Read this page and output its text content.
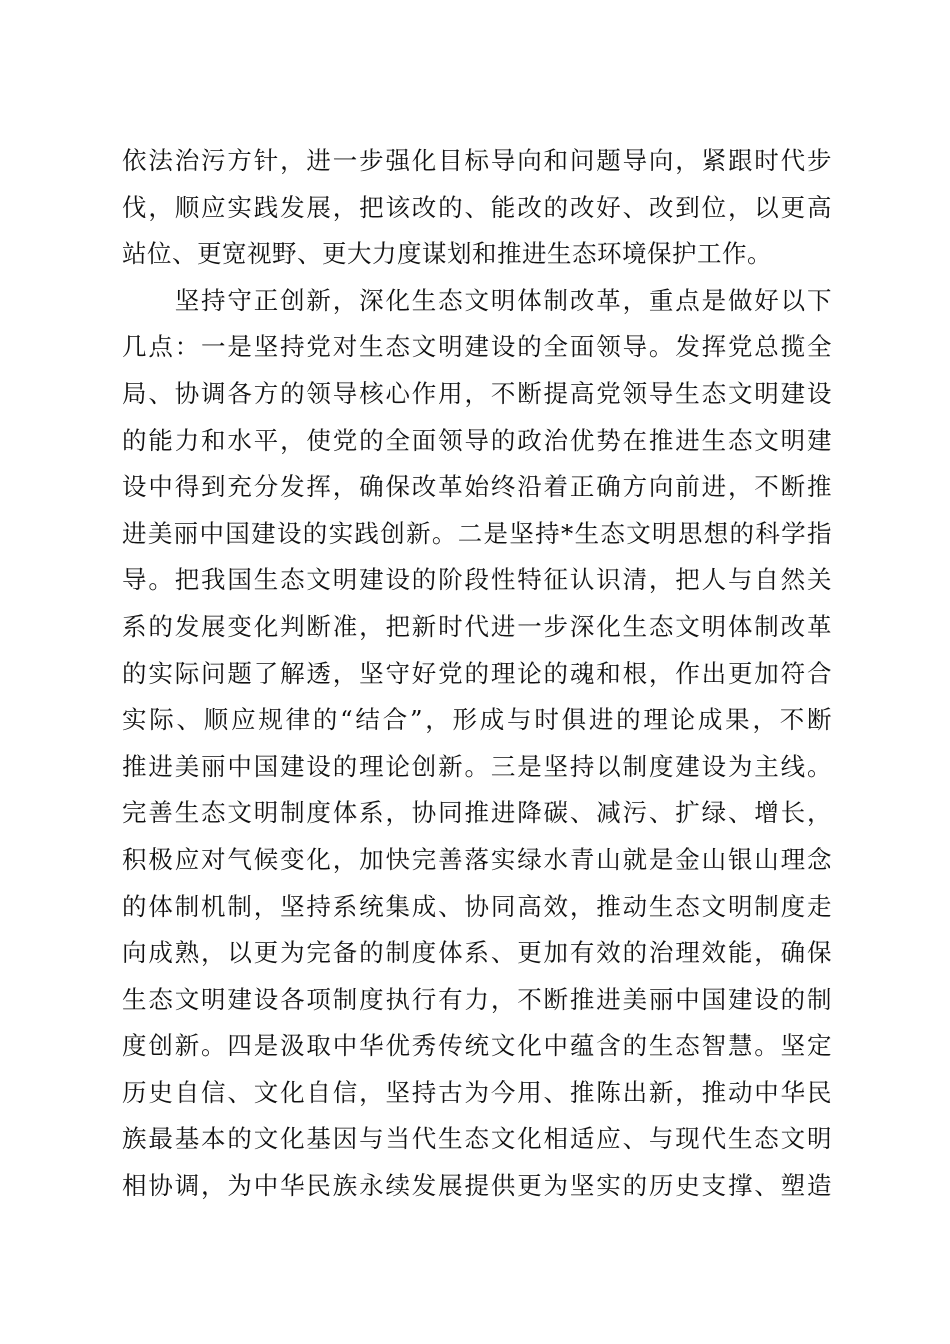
依法治污方针，进一步强化目标导向和问题导向，紧跟时代步
伐，顺应实践发展，把该改的、能改的改好、改到位，以更高
站位、更宽视野、更大力度谋划和推进生态环境保护工作。
　　坚持守正创新，深化生态文明体制改革，重点是做好以下
几点：一是坚持党对生态文明建设的全面领导。发挥党总揽全
局、协调各方的领导核心作用，不断提高党领导生态文明建设
的能力和水平，使党的全面领导的政治优势在推进生态文明建
设中得到充分发挥，确保改革始终沿着正确方向前进，不断推
进美丽中国建设的实践创新。二是坚持*生态文明思想的科学指
导。把我国生态文明建设的阶段性特征认识清，把人与自然关
系的发展变化判断准，把新时代进一步深化生态文明体制改革
的实际问题了解透，坚守好党的理论的魂和根，作出更加符合
实际、顺应规律的“结合”，形成与时俱进的理论成果，不断
推进美丽中国建设的理论创新。三是坚持以制度建设为主线。
完善生态文明制度体系，协同推进降碳、减污、扩绿、增长，
积极应对气候变化，加快完善落实绿水青山就是金山银山理念
的体制机制，坚持系统集成、协同高效，推动生态文明制度走
向成熟，以更为完备的制度体系、更加有效的治理效能，确保
生态文明建设各项制度执行有力，不断推进美丽中国建设的制
度创新。四是汲取中华优秀传统文化中蕴含的生态智慧。坚定
历史自信、文化自信，坚持古为今用、推陈出新，推动中华民
族最基本的文化基因与当代生态文化相适应、与现代生态文明
相协调，为中华民族永续发展提供更为坚实的历史支撑、塑造
